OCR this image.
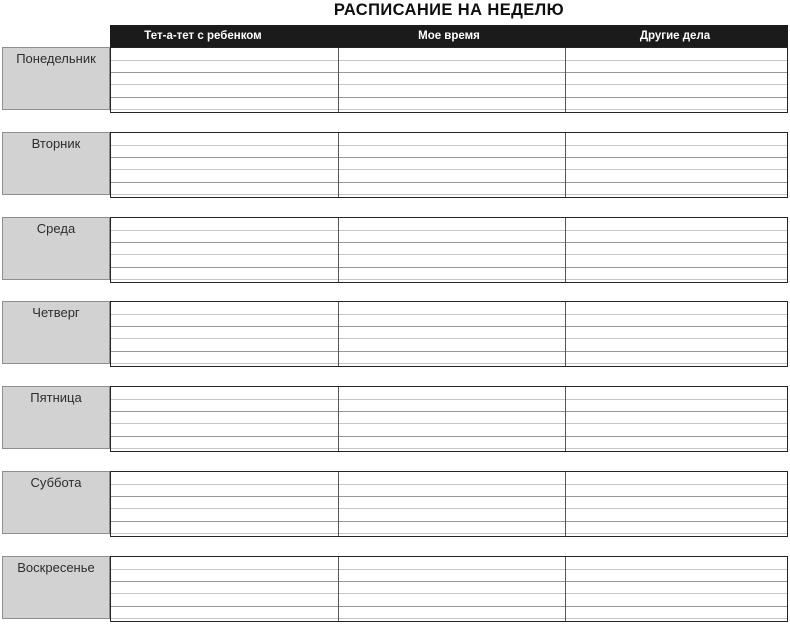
РАСПИСАНИЕ НА НЕДЕЛЮ
Тет-а-тет с ребенком	Мое время	Другие дела
Понедельник
Вторник
Среда
Четверг
Пятница
Суббота
Воскресенье
